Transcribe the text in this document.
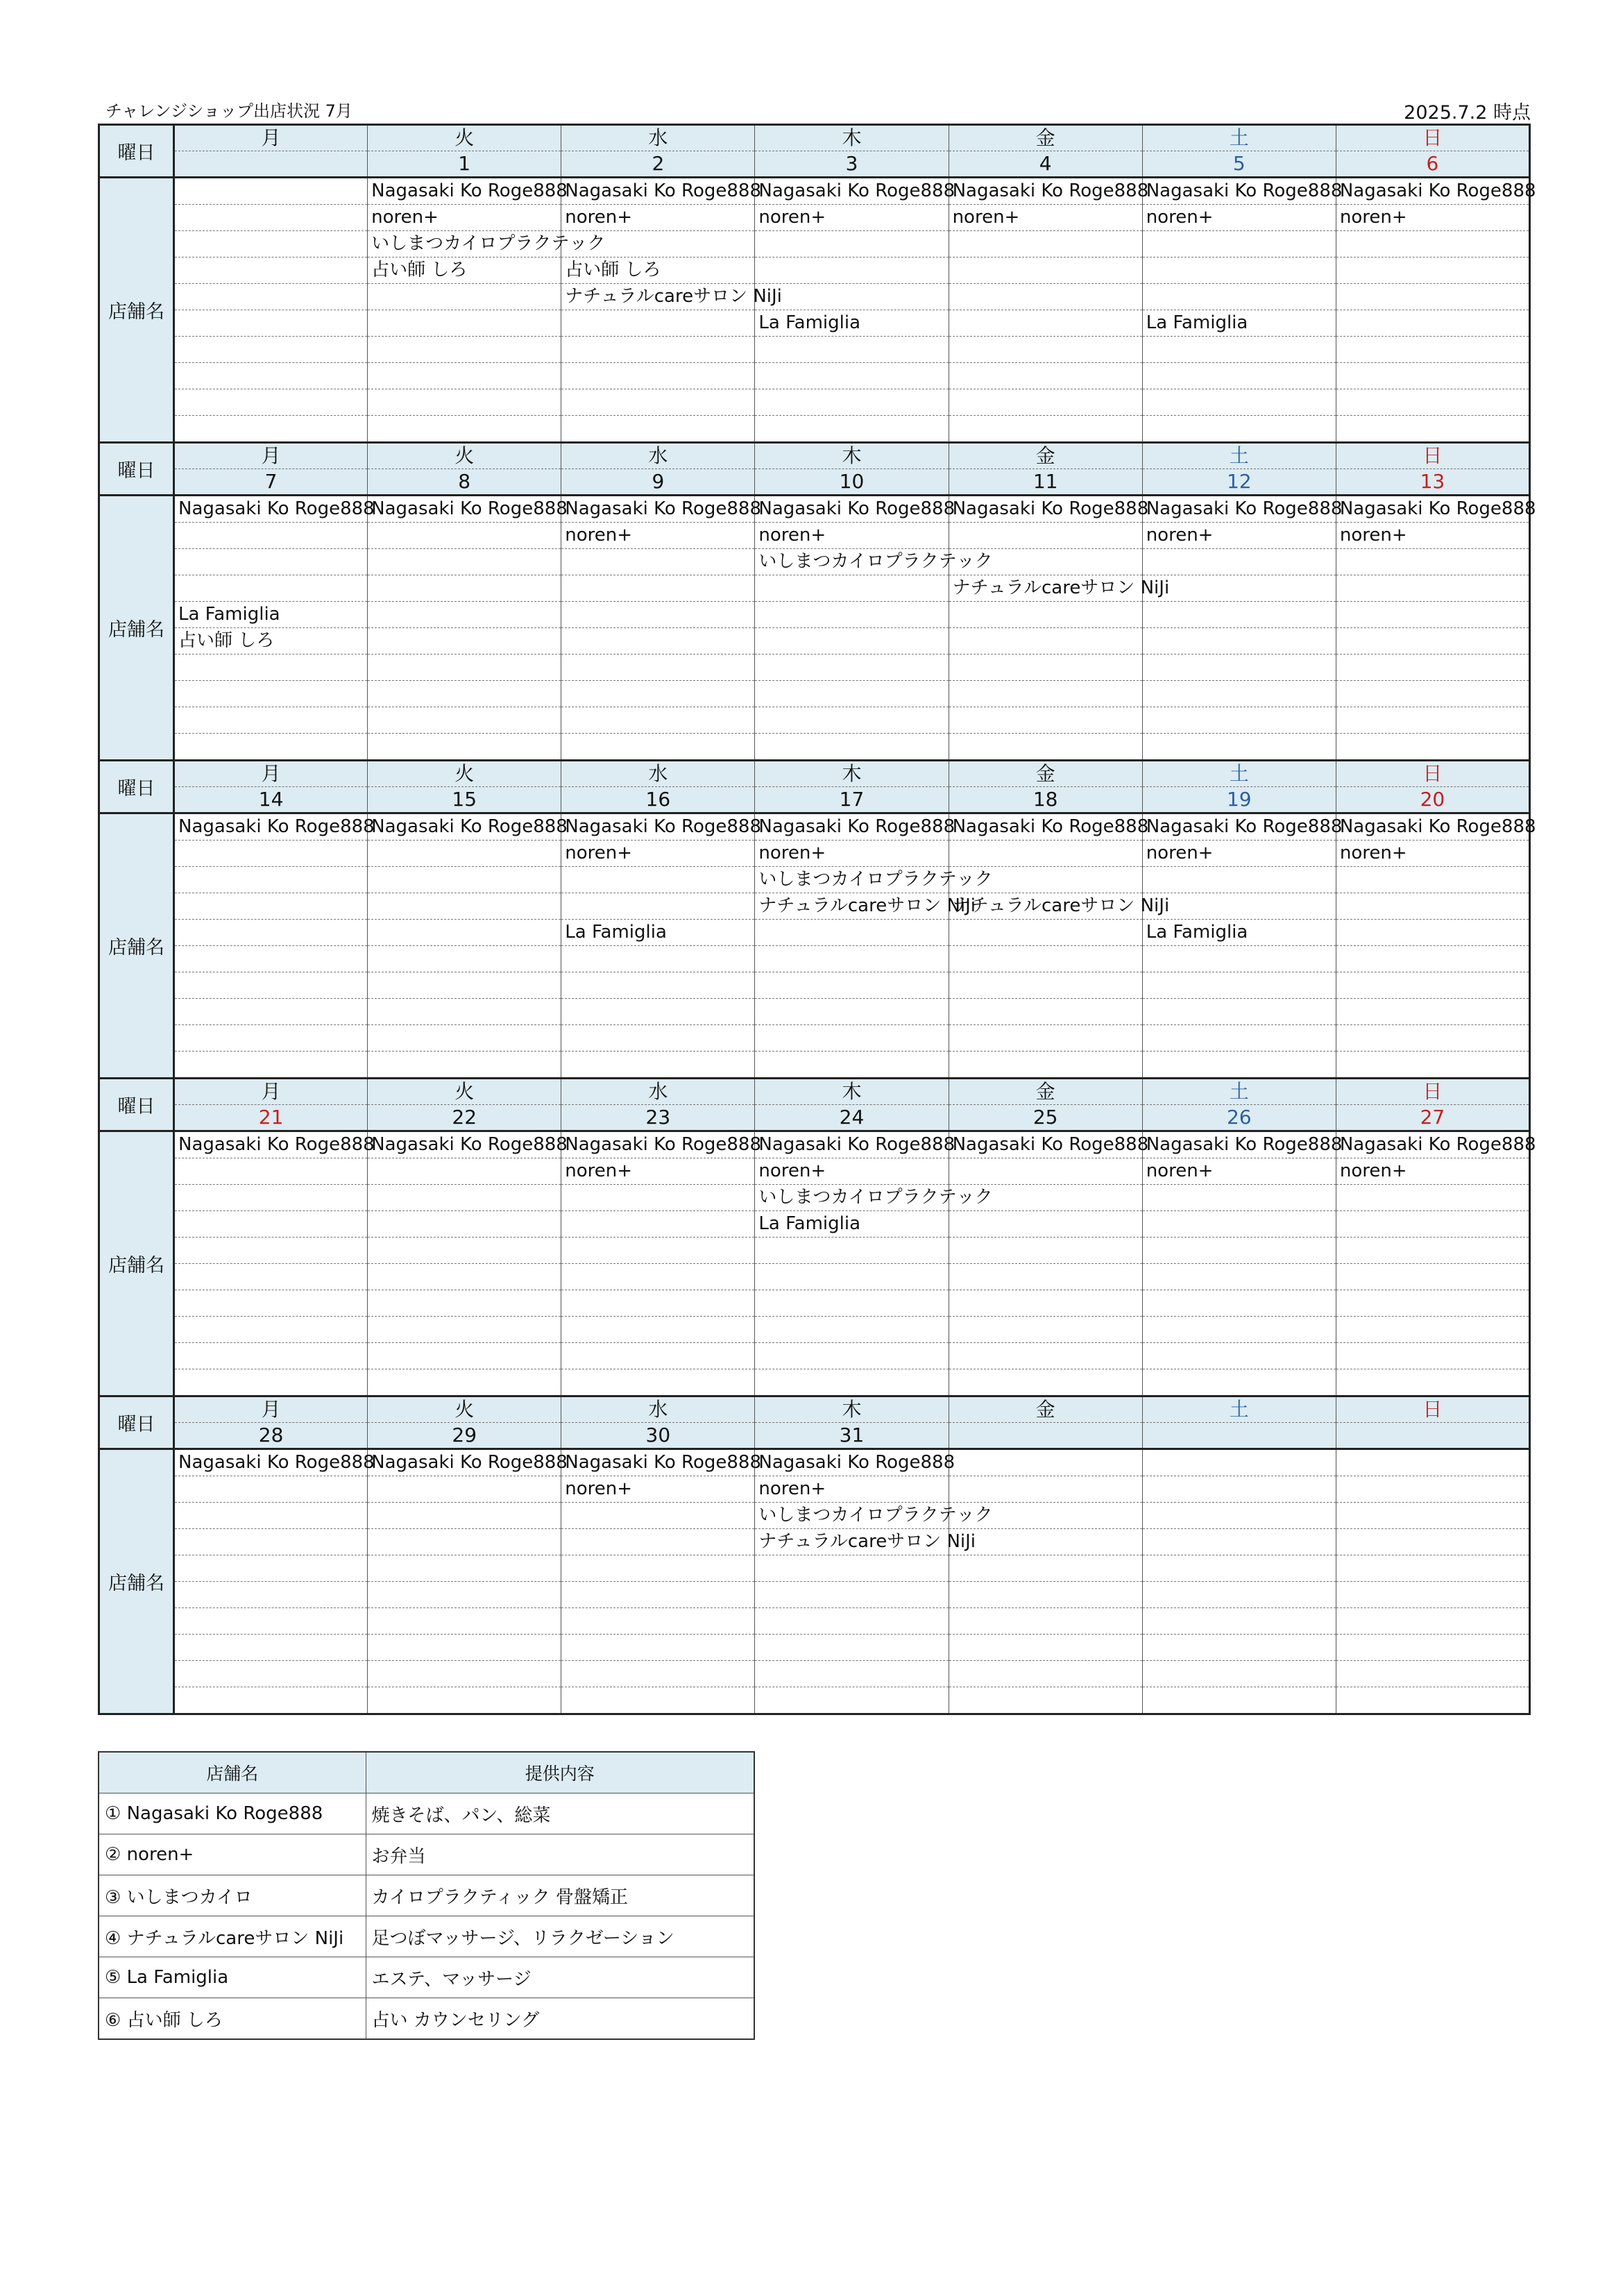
チャレンジショップ出店状況 7月	2025.7.2 時点
曜日	月	火	水	木	金	土	日
		1	2	3	4	5	6
店舗名		Nagasaki Ko Roge888	Nagasaki Ko Roge888	Nagasaki Ko Roge888	Nagasaki Ko Roge888	Nagasaki Ko Roge888	Nagasaki Ko Roge888
		noren+	noren+	noren+	noren+	noren+	noren+
		いしまつカイロプラクテック					
		占い師 しろ	占い師 しろ				
			ナチュラルcareサロン NiJi				
				La Famiglia		La Famiglia	

曜日	月	火	水	木	金	土	日
	7	8	9	10	11	12	13
店舗名	Nagasaki Ko Roge888	Nagasaki Ko Roge888	Nagasaki Ko Roge888	Nagasaki Ko Roge888	Nagasaki Ko Roge888	Nagasaki Ko Roge888	Nagasaki Ko Roge888
			noren+	noren+		noren+	noren+
				いしまつカイロプラクテック			
					ナチュラルcareサロン NiJi		
	La Famiglia						
	占い師 しろ						

曜日	月	火	水	木	金	土	日
	14	15	16	17	18	19	20
店舗名	Nagasaki Ko Roge888	Nagasaki Ko Roge888	Nagasaki Ko Roge888	Nagasaki Ko Roge888	Nagasaki Ko Roge888	Nagasaki Ko Roge888	Nagasaki Ko Roge888
			noren+	noren+		noren+	noren+
				いしまつカイロプラクテック			
				ナチュラルcareサロン NiJi	ナチュラルcareサロン NiJi		
			La Famiglia			La Famiglia	

曜日	月	火	水	木	金	土	日
	21	22	23	24	25	26	27
店舗名	Nagasaki Ko Roge888	Nagasaki Ko Roge888	Nagasaki Ko Roge888	Nagasaki Ko Roge888	Nagasaki Ko Roge888	Nagasaki Ko Roge888	Nagasaki Ko Roge888
			noren+	noren+		noren+	noren+
				いしまつカイロプラクテック			
				La Famiglia			

曜日	月	火	水	木	金	土	日
	28	29	30	31			
店舗名	Nagasaki Ko Roge888	Nagasaki Ko Roge888	Nagasaki Ko Roge888	Nagasaki Ko Roge888			
			noren+	noren+			
				いしまつカイロプラクテック			
				ナチュラルcareサロン NiJi			

店舗名	提供内容
① Nagasaki Ko Roge888	焼きそば、パン、総菜
② noren+	お弁当
③ いしまつカイロ	カイロプラクティック 骨盤矯正
④ ナチュラルcareサロン NiJi	足つぼマッサージ、リラクゼーション
⑤ La Famiglia	エステ、マッサージ
⑥ 占い師 しろ	占い カウンセリング
